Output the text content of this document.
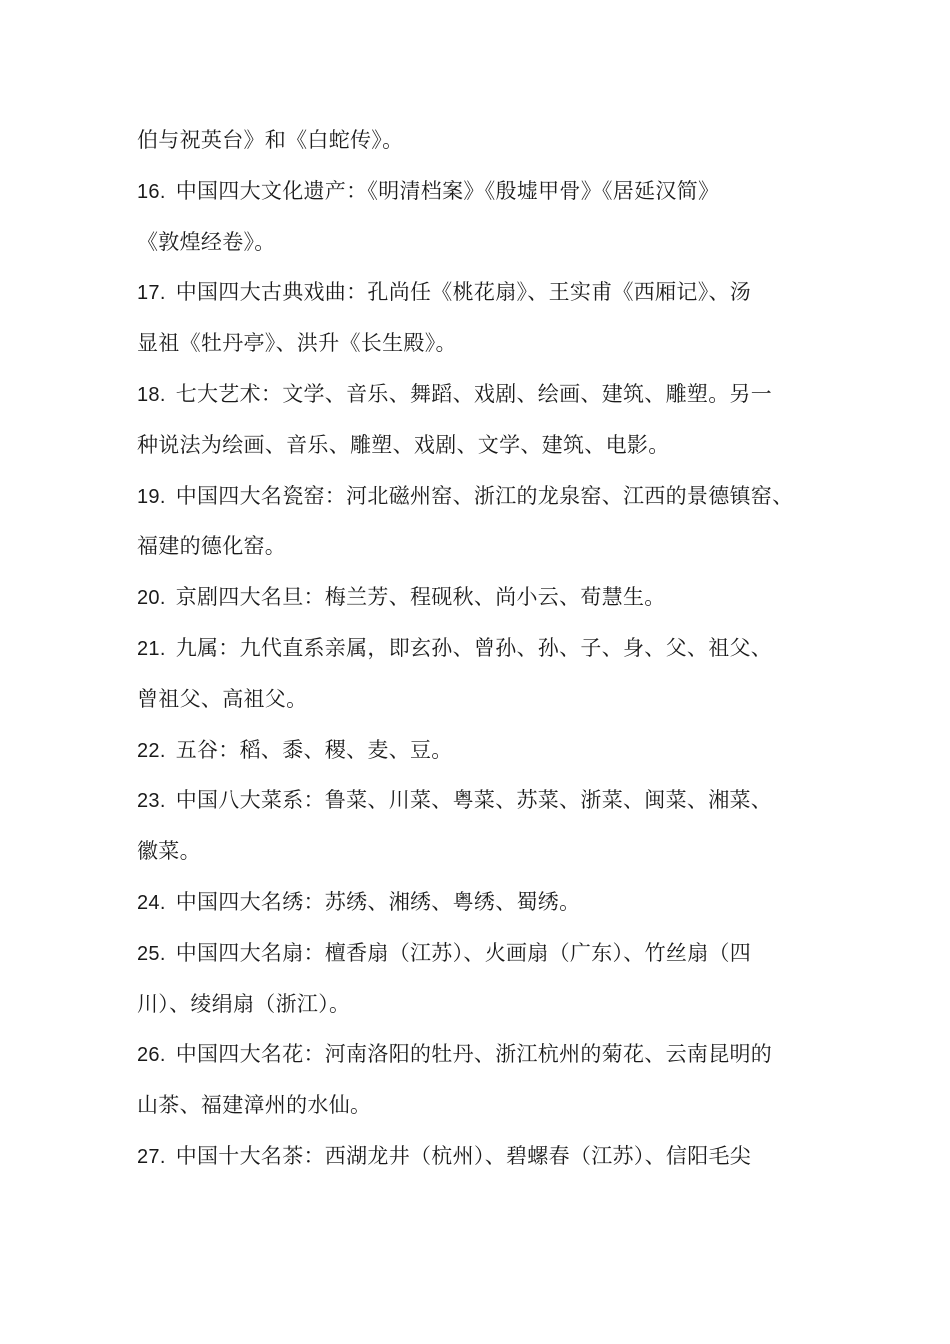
伯与祝英台》和《白蛇传》。
16. 中国四大文化遗产：《明清档案》《殷墟甲骨》《居延汉简》
《敦煌经卷》。
17. 中国四大古典戏曲：孔尚任《桃花扇》、王实甫《西厢记》、汤
显祖《牡丹亭》、洪升《长生殿》。
18. 七大艺术：文学、音乐、舞蹈、戏剧、绘画、建筑、雕塑。另一
种说法为绘画、音乐、雕塑、戏剧、文学、建筑、电影。
19. 中国四大名瓷窑：河北磁州窑、浙江的龙泉窑、江西的景德镇窑、
福建的德化窑。
20. 京剧四大名旦：梅兰芳、程砚秋、尚小云、荀慧生。
21. 九属：九代直系亲属，即玄孙、曾孙、孙、子、身、父、祖父、
曾祖父、高祖父。
22. 五谷：稻、黍、稷、麦、豆。
23. 中国八大菜系：鲁菜、川菜、粤菜、苏菜、浙菜、闽菜、湘菜、
徽菜。
24. 中国四大名绣：苏绣、湘绣、粤绣、蜀绣。
25. 中国四大名扇：檀香扇（江苏）、火画扇（广东）、竹丝扇（四
川）、绫绢扇（浙江）。
26. 中国四大名花：河南洛阳的牡丹、浙江杭州的菊花、云南昆明的
山茶、福建漳州的水仙。
27. 中国十大名茶：西湖龙井（杭州）、碧螺春（江苏）、信阳毛尖
